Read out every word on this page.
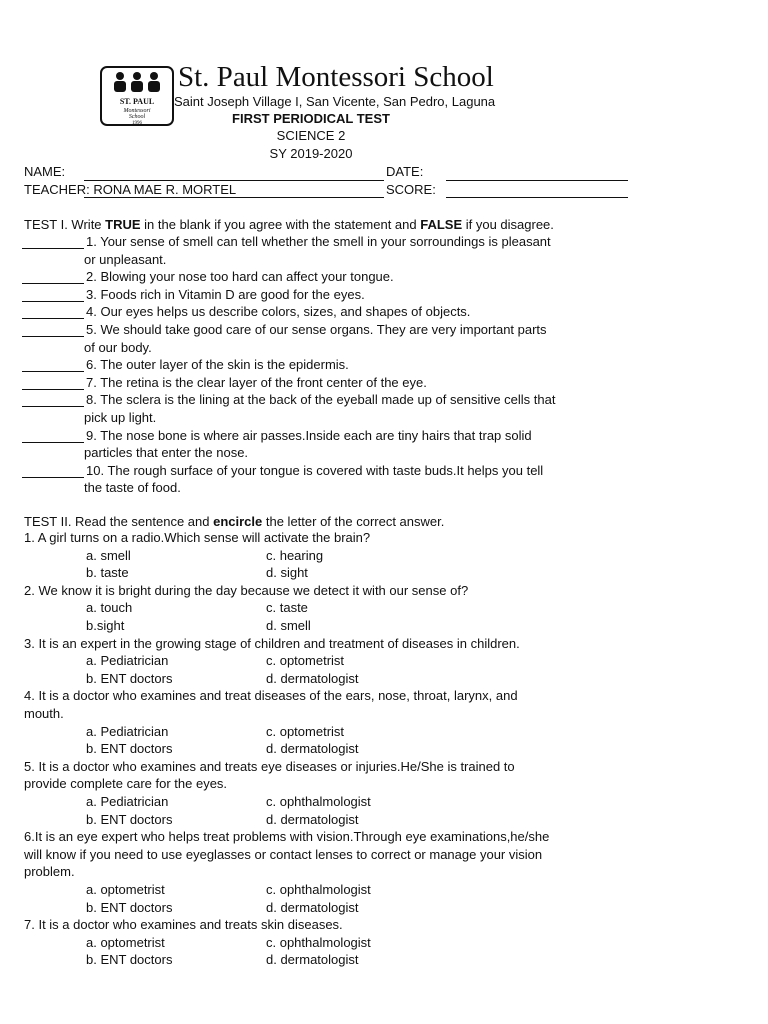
ST. PAUL
Montessori
School
1996
St. Paul Montessori School
Saint Joseph Village I, San Vicente, San Pedro, Laguna
FIRST PERIODICAL TEST
SCIENCE 2
SY 2019-2020
NAME:	DATE:
TEACHER: RONA MAE R. MORTEL	SCORE:
TEST I. Write TRUE in the blank if you agree with the statement and FALSE if you disagree.
1. Your sense of smell can tell whether the smell in your sorroundings is pleasant
or unpleasant.
2. Blowing your nose too hard can affect your tongue.
3. Foods rich in Vitamin D are good for the eyes.
4. Our eyes helps us describe colors, sizes, and shapes of objects.
5. We should take good care of our sense organs. They are very important parts
of our body.
6. The outer layer of the skin is the epidermis.
7. The retina is the clear layer of the front center of the eye.
8. The sclera is the lining at the back of the eyeball made up of sensitive cells that
pick up light.
9. The nose bone is where air passes.Inside each are tiny hairs that trap solid
particles that enter the nose.
10. The rough surface of your tongue is covered with taste buds.It helps you tell
the taste of food.
TEST II. Read the sentence and encircle the letter of the correct answer.
1. A girl turns on a radio.Which sense will activate the brain?
a. smell	c. hearing
b. taste	d. sight
2. We know it is bright during the day because we detect it with our sense of?
a. touch	c. taste
b.sight	d. smell
3. It is an expert in the growing stage of children and treatment of diseases in children.
a. Pediatrician	c. optometrist
b. ENT doctors	d. dermatologist
4. It is a doctor who examines and treat diseases of the ears, nose, throat, larynx, and
mouth.
a. Pediatrician	c. optometrist
b. ENT doctors	d. dermatologist
5. It is a doctor who examines and treats eye diseases or injuries.He/She is trained to
provide complete care for the eyes.
a. Pediatrician	c. ophthalmologist
b. ENT doctors	d. dermatologist
6.It is an eye expert who helps treat problems with vision.Through eye examinations,he/she
will know if you need to use eyeglasses or contact lenses to correct or manage your vision
problem.
a. optometrist	c. ophthalmologist
b. ENT doctors	d. dermatologist
7. It is a doctor who examines and treats skin diseases.
a. optometrist	c. ophthalmologist
b. ENT doctors	d. dermatologist
